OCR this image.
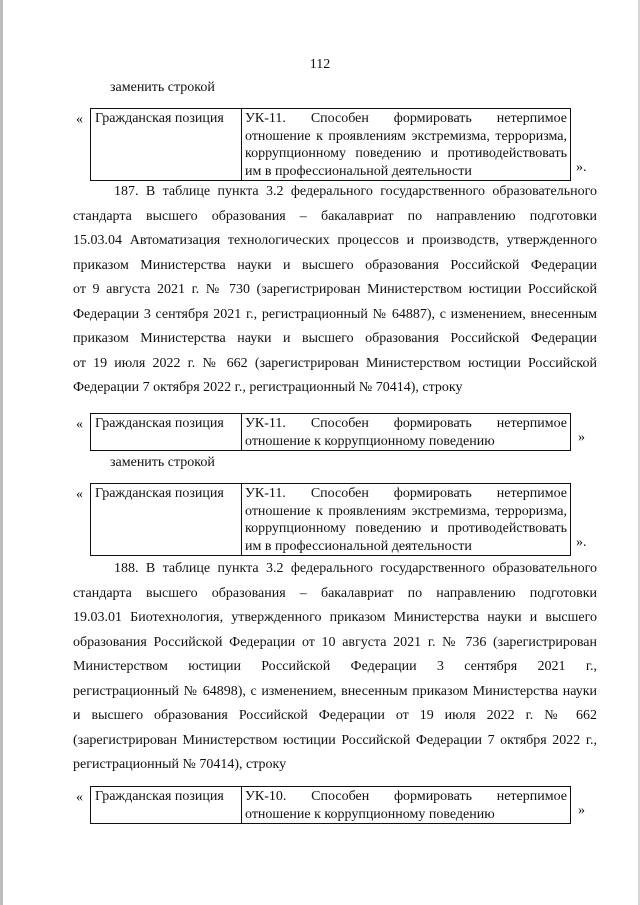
112
заменить строкой
« Гражданская позиция	УК-11. Способен формировать нетерпимое
отношение к проявлениям экстремизма, терроризма,
коррупционному поведению и противодействовать
им в профессиональной деятельности	».
187. В таблице пункта 3.2 федерального государственного образовательного
стандарта высшего образования – бакалавриат по направлению подготовки
15.03.04 Автоматизация технологических процессов и производств, утвержденного
приказом Министерства науки и высшего образования Российской Федерации
от 9 августа 2021 г. № 730 (зарегистрирован Министерством юстиции Российской
Федерации 3 сентября 2021 г., регистрационный № 64887), с изменением, внесенным
приказом Министерства науки и высшего образования Российской Федерации
от 19 июля 2022 г. № 662 (зарегистрирован Министерством юстиции Российской
Федерации 7 октября 2022 г., регистрационный № 70414), строку
« Гражданская позиция	УК-11. Способен формировать нетерпимое
отношение к коррупционному поведению	»
заменить строкой
« Гражданская позиция	УК-11. Способен формировать нетерпимое
отношение к проявлениям экстремизма, терроризма,
коррупционному поведению и противодействовать
им в профессиональной деятельности	».
188. В таблице пункта 3.2 федерального государственного образовательного
стандарта высшего образования – бакалавриат по направлению подготовки
19.03.01 Биотехнология, утвержденного приказом Министерства науки и высшего
образования Российской Федерации от 10 августа 2021 г. № 736 (зарегистрирован
Министерством юстиции Российской Федерации 3 сентября 2021 г.,
регистрационный № 64898), с изменением, внесенным приказом Министерства науки
и высшего образования Российской Федерации от 19 июля 2022 г. № 662
(зарегистрирован Министерством юстиции Российской Федерации 7 октября 2022 г.,
регистрационный № 70414), строку
« Гражданская позиция	УК-10. Способен формировать нетерпимое
отношение к коррупционному поведению	»
